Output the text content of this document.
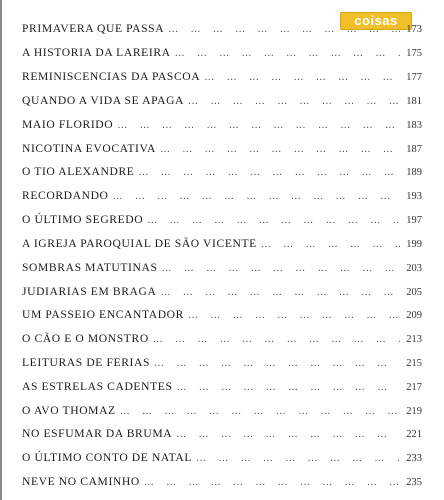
coisas
PRIMAVERA QUE PASSA … … … … … … … … … … … … … … … … … … …	173
A HISTORIA DA LAREIRA … … … … … … … … … … … … … … … … … … …	175
REMINISCENCIAS DA PASCOA … … … … … … … … … … … … … … … … … … …	177
QUANDO A VIDA SE APAGA … … … … … … … … … … … … … … … … … … …	181
MAIO FLORIDO … … … … … … … … … … … … … … … … … … …	183
NICOTINA EVOCATIVA … … … … … … … … … … … … … … … … … … …	187
O TIO ALEXANDRE … … … … … … … … … … … … … … … … … … …	189
RECORDANDO … … … … … … … … … … … … … … … … … … …	193
O ÚLTIMO SEGREDO … … … … … … … … … … … … … … … … … … …	197
A IGREJA PAROQUIAL DE SÃO VICENTE … … … … … … … … … … … … … … … … … … …	199
SOMBRAS MATUTINAS … … … … … … … … … … … … … … … … … … …	203
JUDIARIAS EM BRAGA … … … … … … … … … … … … … … … … … … …	205
UM PASSEIO ENCANTADOR … … … … … … … … … … … … … … … … … … …	209
O CÃO E O MONSTRO … … … … … … … … … … … … … … … … … … …	213
LEITURAS DE FERIAS … … … … … … … … … … … … … … … … … … …	215
AS ESTRELAS CADENTES … … … … … … … … … … … … … … … … … … …	217
O AVO THOMAZ … … … … … … … … … … … … … … … … … … …	219
NO ESFUMAR DA BRUMA … … … … … … … … … … … … … … … … … … …	221
O ÚLTIMO CONTO DE NATAL … … … … … … … … … … … … … … … … … … …	233
NEVE NO CAMINHO … … … … … … … … … … … … … … … … … … …	235
